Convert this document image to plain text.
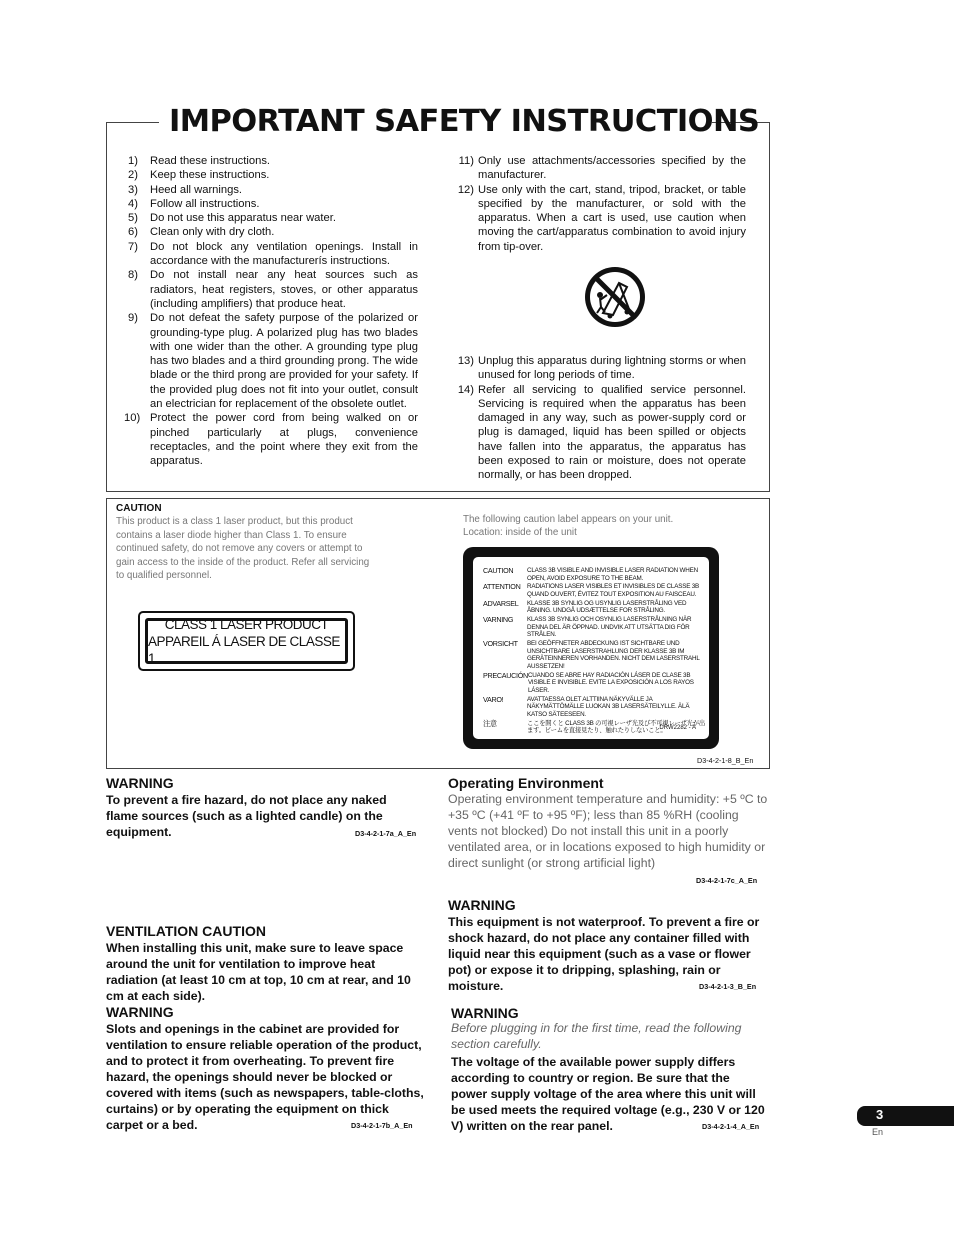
IMPORTANT SAFETY INSTRUCTIONS
1) Read these instructions.
2) Keep these instructions.
3) Heed all warnings.
4) Follow all instructions.
5) Do not use this apparatus near water.
6) Clean only with dry cloth.
7) Do not block any ventilation openings. Install in accordance with the manufacturerís instructions.
8) Do not install near any heat sources such as radiators, heat registers, stoves, or other apparatus (including amplifiers) that produce heat.
9) Do not defeat the safety purpose of the polarized or grounding-type plug. A polarized plug has two blades with one wider than the other. A grounding type plug has two blades and a third grounding prong. The wide blade or the third prong are provided for your safety. If the provided plug does not fit into your outlet, consult an electrician for replacement of the obsolete outlet.
10) Protect the power cord from being walked on or pinched particularly at plugs, convenience receptacles, and the point where they exit from the apparatus.
11) Only use attachments/accessories specified by the manufacturer.
12) Use only with the cart, stand, tripod, bracket, or table specified by the manufacturer, or sold with the apparatus. When a cart is used, use caution when moving the cart/apparatus combination to avoid injury from tip-over.
13) Unplug this apparatus during lightning storms or when unused for long periods of time.
14) Refer all servicing to qualified service personnel. Servicing is required when the apparatus has been damaged in any way, such as power-supply cord or plug is damaged, liquid has been spilled or objects have fallen into the apparatus, the apparatus has been exposed to rain or moisture, does not operate normally, or has been dropped.
CAUTION
This product is a class 1 laser product, but this product contains a laser diode higher than Class 1. To ensure continued safety, do not remove any covers or attempt to gain access to the inside of the product. Refer all servicing to qualified personnel.
CLASS 1 LASER PRODUCT
APPAREIL Á LASER DE CLASSE 1
The following caution label appears on your unit.
Location: inside of the unit
CAUTION	CLASS 3B VISIBLE AND INVISIBLE LASER RADIATION WHEN OPEN, AVOID EXPOSURE TO THE BEAM.
ATTENTION	RADIATIONS LASER VISIBLES ET INVISIBLES DE CLASSE 3B QUAND OUVERT, ÉVITEZ TOUT EXPOSITION AU FAISCEAU.
ADVARSEL	KLASSE 3B SYNLIG OG USYNLIG LASERSTRÅLING VED ÅBNING. UNDGÅ UDSÆTTELSE FOR STRÅLING.
VARNING	KLASS 3B SYNLIG OCH OSYNLIG LASERSTRÅLNING NÄR DENNA DEL ÄR ÖPPNAD. UNDVIK ATT UTSÄTTA DIG FÖR STRÅLEN.
VORSICHT	BEI GEÖFFNETER ABDECKUNG IST SICHTBARE UND UNSICHTBARE LASERSTRAHLUNG DER KLASSE 3B IM GERÄTEINNEREN VORHANDEN. NICHT DEM LASERSTRAHL AUSSETZEN!
PRECAUCIÓN CUANDO SE ABRE HAY RADIACIÓN LÁSER DE CLASE 3B VISIBLE E INVISIBLE. EVITE LA EXPOSICIÓN A LOS RAYOS LÁSER.
VARO!	AVATTAESSA OLET ALTTIINA NÄKYVÄLLE JA NÄKYMÄTTÖMÄLLE LUOKAN 3B LASERSÄTEILYLLE. ÄLÄ KATSO SÄTEESEEN.
注意	ここを開くと CLASS 3B の可視レーザ光及び不可視レーザ光が出ます。ビームを直接見たり、触れたりしないこと。
DRW2282 - A
D3-4-2-1-8_B_En
WARNING
To prevent a fire hazard, do not place any naked flame sources (such as a lighted candle) on the equipment.	D3-4-2-1-7a_A_En
VENTILATION CAUTION
When installing this unit, make sure to leave space around the unit for ventilation to improve heat radiation (at least 10 cm at top, 10 cm at rear, and 10 cm at each side).
WARNING
Slots and openings in the cabinet are provided for ventilation to ensure reliable operation of the product, and to protect it from overheating. To prevent fire hazard, the openings should never be blocked or covered with items (such as newspapers, table-cloths, curtains) or by operating the equipment on thick carpet or a bed.	D3-4-2-1-7b_A_En
Operating Environment
Operating environment temperature and humidity: +5 ºC to +35 ºC (+41 ºF to +95 ºF); less than 85 %RH (cooling vents not blocked) Do not install this unit in a poorly ventilated area, or in locations exposed to high humidity or direct sunlight (or strong artificial light)
D3-4-2-1-7c_A_En
WARNING
This equipment is not waterproof. To prevent a fire or shock hazard, do not place any container filled with liquid near this equipment (such as a vase or flower pot) or expose it to dripping, splashing, rain or moisture.	D3-4-2-1-3_B_En
WARNING
Before plugging in for the first time, read the following section carefully.
The voltage of the available power supply differs according to country or region. Be sure that the power supply voltage of the area where this unit will be used meets the required voltage (e.g., 230 V or 120 V) written on the rear panel.	D3-4-2-1-4_A_En
3
En
